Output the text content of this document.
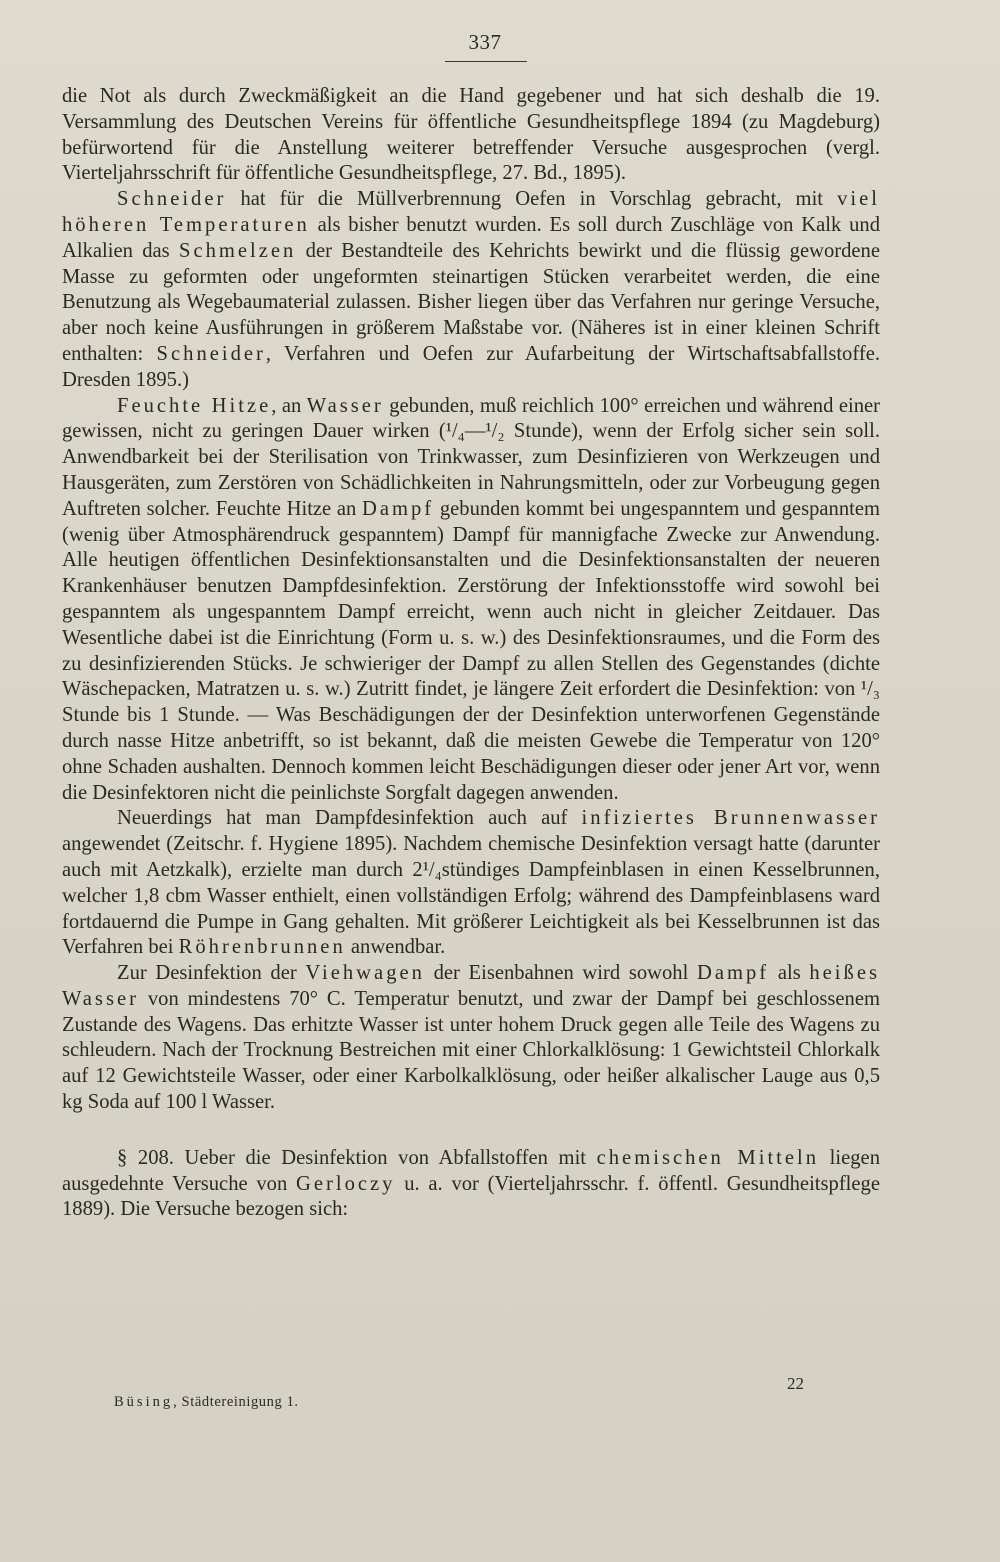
337

die Not als durch Zweckmäßigkeit an die Hand gegebener und hat sich deshalb die 19. Versammlung des Deutschen Vereins für öffentliche Gesundheitspflege 1894 (zu Magdeburg) befürwortend für die Anstellung weiterer betreffender Versuche ausgesprochen (vergl. Vierteljahrsschrift für öffentliche Gesundheitspflege, 27. Bd., 1895).

Schneider hat für die Müllverbrennung Oefen in Vorschlag gebracht, mit viel höheren Temperaturen als bisher benutzt wurden. Es soll durch Zuschläge von Kalk und Alkalien das Schmelzen der Bestandteile des Kehrichts bewirkt und die flüssig gewordene Masse zu geformten oder ungeformten steinartigen Stücken verarbeitet werden, die eine Benutzung als Wegebaumaterial zulassen. Bisher liegen über das Verfahren nur geringe Versuche, aber noch keine Ausführungen in größerem Maßstabe vor. (Näheres ist in einer kleinen Schrift enthalten: Schneider, Verfahren und Oefen zur Aufarbeitung der Wirtschaftsabfallstoffe. Dresden 1895.)

Feuchte Hitze, an Wasser gebunden, muß reichlich 100° erreichen und während einer gewissen, nicht zu geringen Dauer wirken (¹/₄—¹/₂ Stunde), wenn der Erfolg sicher sein soll. Anwendbarkeit bei der Sterilisation von Trinkwasser, zum Desinfizieren von Werkzeugen und Hausgeräten, zum Zerstören von Schädlichkeiten in Nahrungsmitteln, oder zur Vorbeugung gegen Auftreten solcher. Feuchte Hitze an Dampf gebunden kommt bei ungespanntem und gespanntem (wenig über Atmosphärendruck gespanntem) Dampf für mannigfache Zwecke zur Anwendung. Alle heutigen öffentlichen Desinfektionsanstalten und die Desinfektionsanstalten der neueren Krankenhäuser benutzen Dampfdesinfektion. Zerstörung der Infektionsstoffe wird sowohl bei gespanntem als ungespanntem Dampf erreicht, wenn auch nicht in gleicher Zeitdauer. Das Wesentliche dabei ist die Einrichtung (Form u. s. w.) des Desinfektionsraumes, und die Form des zu desinfizierenden Stücks. Je schwieriger der Dampf zu allen Stellen des Gegenstandes (dichte Wäschepacken, Matratzen u. s. w.) Zutritt findet, je längere Zeit erfordert die Desinfektion: von ¹/₃ Stunde bis 1 Stunde. — Was Beschädigungen der der Desinfektion unterworfenen Gegenstände durch nasse Hitze anbetrifft, so ist bekannt, daß die meisten Gewebe die Temperatur von 120° ohne Schaden aushalten. Dennoch kommen leicht Beschädigungen dieser oder jener Art vor, wenn die Desinfektoren nicht die peinlichste Sorgfalt dagegen anwenden.

Neuerdings hat man Dampfdesinfektion auch auf infiziertes Brunnenwasser angewendet (Zeitschr. f. Hygiene 1895). Nachdem chemische Desinfektion versagt hatte (darunter auch mit Aetzkalk), erzielte man durch 2¹/₄stündiges Dampfeinblasen in einen Kesselbrunnen, welcher 1,8 cbm Wasser enthielt, einen vollständigen Erfolg; während des Dampfeinblasens ward fortdauernd die Pumpe in Gang gehalten. Mit größerer Leichtigkeit als bei Kesselbrunnen ist das Verfahren bei Röhrenbrunnen anwendbar.

Zur Desinfektion der Viehwagen der Eisenbahnen wird sowohl Dampf als heißes Wasser von mindestens 70° C. Temperatur benutzt, und zwar der Dampf bei geschlossenem Zustande des Wagens. Das erhitzte Wasser ist unter hohem Druck gegen alle Teile des Wagens zu schleudern. Nach der Trocknung Bestreichen mit einer Chlorkalklösung: 1 Gewichtsteil Chlorkalk auf 12 Gewichtsteile Wasser, oder einer Karbolkalklösung, oder heißer alkalischer Lauge aus 0,5 kg Soda auf 100 l Wasser.

§ 208. Ueber die Desinfektion von Abfallstoffen mit chemischen Mitteln liegen ausgedehnte Versuche von Gerloczy u. a. vor (Vierteljahrsschr. f. öffentl. Gesundheitspflege 1889). Die Versuche bezogen sich:

Büsing, Städtereinigung 1.
22
